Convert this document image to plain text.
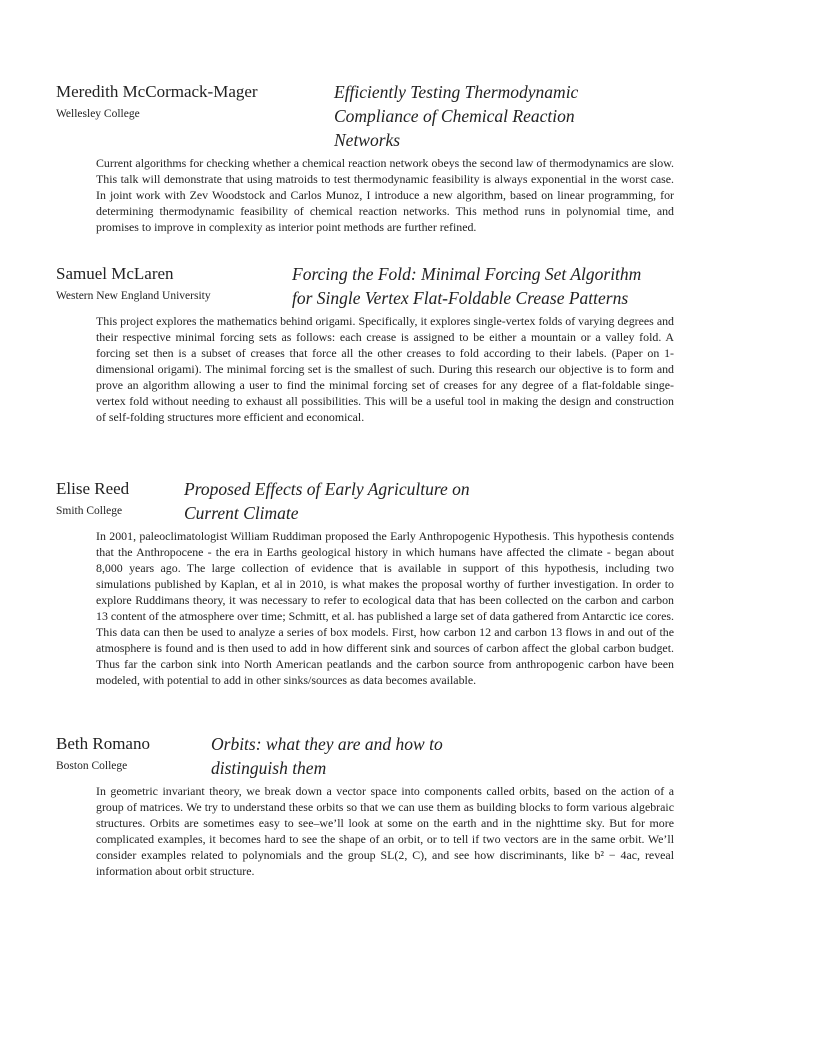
Meredith McCormack-Mager
Wellesley College
Efficiently Testing Thermodynamic Compliance of Chemical Reaction Networks
Current algorithms for checking whether a chemical reaction network obeys the second law of thermodynamics are slow. This talk will demonstrate that using matroids to test thermodynamic feasibility is always exponential in the worst case. In joint work with Zev Woodstock and Carlos Munoz, I introduce a new algorithm, based on linear programming, for determining thermodynamic feasibility of chemical reaction networks. This method runs in polynomial time, and promises to improve in complexity as interior point methods are further refined.
Samuel McLaren
Western New England University
Forcing the Fold: Minimal Forcing Set Algorithm for Single Vertex Flat-Foldable Crease Patterns
This project explores the mathematics behind origami. Specifically, it explores single-vertex folds of varying degrees and their respective minimal forcing sets as follows: each crease is assigned to be either a mountain or a valley fold. A forcing set then is a subset of creases that force all the other creases to fold according to their labels. (Paper on 1-dimensional origami). The minimal forcing set is the smallest of such. During this research our objective is to form and prove an algorithm allowing a user to find the minimal forcing set of creases for any degree of a flat-foldable singe-vertex fold without needing to exhaust all possibilities. This will be a useful tool in making the design and construction of self-folding structures more efficient and economical.
Elise Reed
Smith College
Proposed Effects of Early Agriculture on Current Climate
In 2001, paleoclimatologist William Ruddiman proposed the Early Anthropogenic Hypothesis. This hypothesis contends that the Anthropocene - the era in Earths geological history in which humans have affected the climate - began about 8,000 years ago. The large collection of evidence that is available in support of this hypothesis, including two simulations published by Kaplan, et al in 2010, is what makes the proposal worthy of further investigation. In order to explore Ruddimans theory, it was necessary to refer to ecological data that has been collected on the carbon and carbon 13 content of the atmosphere over time; Schmitt, et al. has published a large set of data gathered from Antarctic ice cores. This data can then be used to analyze a series of box models. First, how carbon 12 and carbon 13 flows in and out of the atmosphere is found and is then used to add in how different sink and sources of carbon affect the global carbon budget. Thus far the carbon sink into North American peatlands and the carbon source from anthropogenic carbon have been modeled, with potential to add in other sinks/sources as data becomes available.
Beth Romano
Boston College
Orbits: what they are and how to distinguish them
In geometric invariant theory, we break down a vector space into components called orbits, based on the action of a group of matrices. We try to understand these orbits so that we can use them as building blocks to form various algebraic structures. Orbits are sometimes easy to see–we’ll look at some on the earth and in the nighttime sky. But for more complicated examples, it becomes hard to see the shape of an orbit, or to tell if two vectors are in the same orbit. We’ll consider examples related to polynomials and the group SL(2, C), and see how discriminants, like b² − 4ac, reveal information about orbit structure.
